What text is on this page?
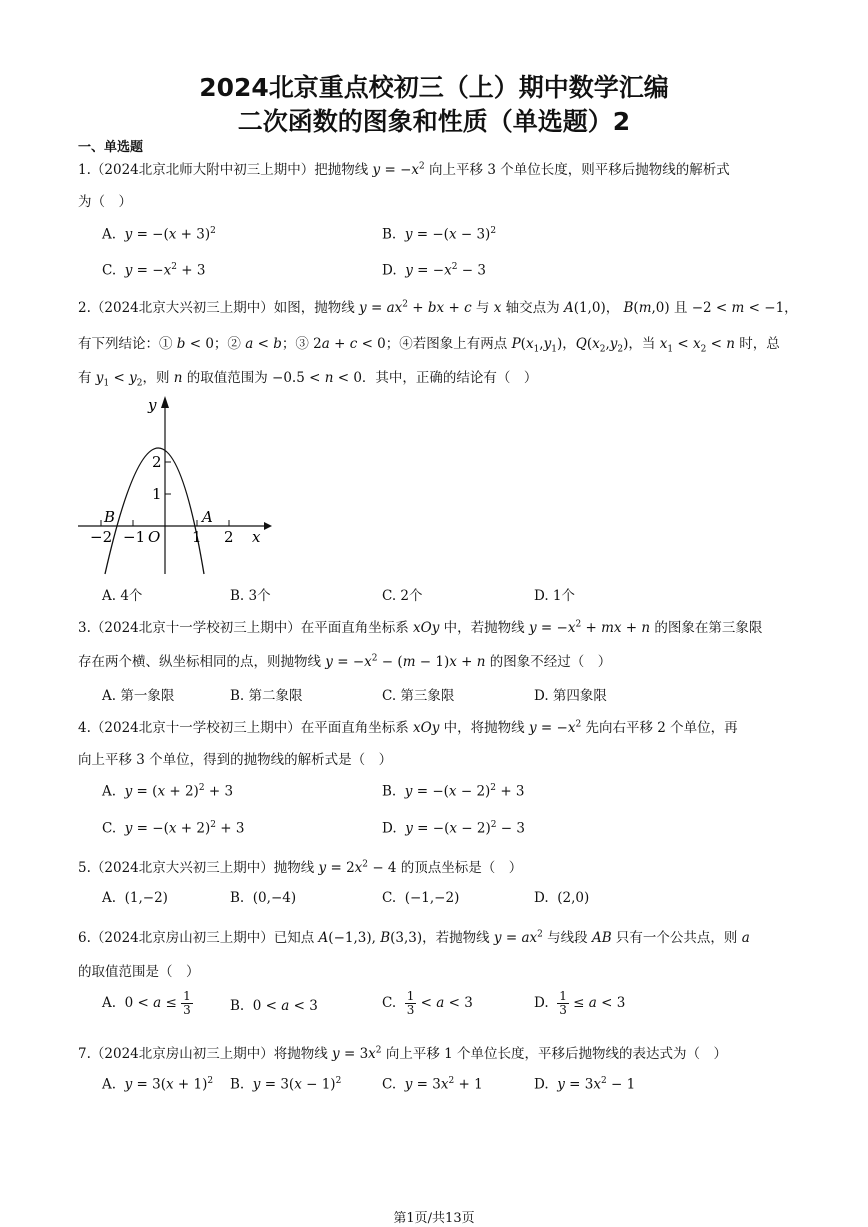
2024北京重点校初三（上）期中数学汇编
二次函数的图象和性质（单选题）2
一、单选题
1.（2024北京北师大附中初三上期中）把抛物线 $y = -x^2$ 向上平移 3 个单位长度，则平移后抛物线的解析式
为（　）
A. $y = -(x + 3)^2$	B. $y = -(x - 3)^2$
C. $y = -x^2 + 3$	D. $y = -x^2 - 3$
2.（2024北京大兴初三上期中）如图，抛物线 $y = ax^2$ + bx + c 与 x 轴交点为 A(1,0)， B(m,0) 且 −2 < m < −1，
有下列结论：① b < 0；② a < b；③ 2a + c < 0；④若图象上有两点 $P(x_1,y_1)$，$Q(x_2,y_2)$，当 $x_1 < x_2 < n$ 时，总
有 $y_1 < y_2$，则 n 的取值范围为 −0.5 < n < 0．其中，正确的结论有（　）
y
x
O
−2 −1	1 2
1
2
A
B
A. 4个	B. 3个	C. 2个	D. 1个
3.（2024北京十一学校初三上期中）在平面直角坐标系 xOy 中，若抛物线 $y = -x^2$ + mx + n 的图象在第三象限
存在两个横、纵坐标相同的点，则抛物线 $y = -x^2 - (m - 1)x + n$ 的图象不经过（　）
A. 第一象限	B. 第二象限	C. 第三象限	D. 第四象限
4.（2024北京十一学校初三上期中）在平面直角坐标系 xOy 中，将抛物线 $y = -x^2$ 先向右平移 2 个单位，再
向上平移 3 个单位，得到的抛物线的解析式是（　）
A.  $y = (x + 2)^2 + 3$	B.  $y = -(x - 2)^2 + 3$
C.  $y = -(x + 2)^2 + 3$	D.  $y = -(x - 2)^2 - 3$
5.（2024北京大兴初三上期中）抛物线 $y = 2x^2 - 4$ 的顶点坐标是（　）
A.  (1,−2)	B.  (0,−4)	C.  (−1,−2)	D.  (2,0)
6.（2024北京房山初三上期中）已知点 A(−1,3), B(3,3)，若抛物线 $y = ax^2$ 与线段 AB 只有一个公共点，则 a
的取值范围是（　）
A.  $0 < a \le \frac{1}{3}$	B.  0 < a < 3	C. $\frac{1}{3} < a < 3$	D. $\frac{1}{3} \le a < 3$
7.（2024北京房山初三上期中）将抛物线 $y = 3x^2$ 向上平移 1 个单位长度，平移后抛物线的表达式为（　）
A.  $y = 3(x + 1)^2$ B.  $y = 3(x - 1)^2$	C.  $y = 3x^2 + 1$	D.  $y = 3x^2 - 1$
第1页/共13页
